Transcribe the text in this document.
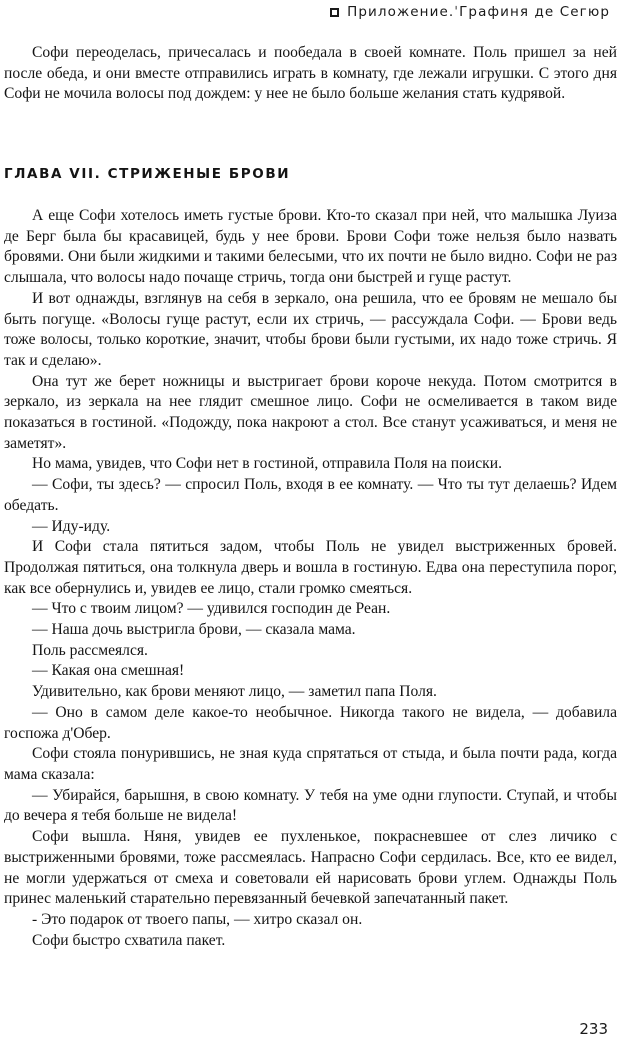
Приложение.ˈГрафиня де Сегюр

Софи переоделась, причесалась и пообедала в своей комнате. Поль пришел за ней после обеда, и они вместе отправились играть в комнату, где лежали игрушки. С этого дня Софи не мочила волосы под дождем: у нее не было больше желания стать кудрявой.

ГЛАВА VII. СТРИЖЕНЫЕ БРОВИ

А еще Софи хотелось иметь густые брови. Кто-то сказал при ней, что малышка Луиза де Берг была бы красавицей, будь у нее брови. Брови Софи тоже нельзя было назвать бровями. Они были жидкими и такими белесыми, что их почти не было видно. Софи не раз слышала, что волосы надо почаще стричь, тогда они быстрей и гуще растут.

И вот однажды, взглянув на себя в зеркало, она решила, что ее бровям не мешало бы быть погуще. «Волосы гуще растут, если их стричь, — рассуждала Софи. — Брови ведь тоже волосы, только короткие, значит, чтобы брови были густыми, их надо тоже стричь. Я так и сделаю».

Она тут же берет ножницы и выстригает брови короче некуда. Потом смотрится в зеркало, из зеркала на нее глядит смешное лицо. Софи не осмеливается в таком виде показаться в гостиной. «Подожду, пока накроют а стол. Все станут усаживаться, и меня не заметят».

Но мама, увидев, что Софи нет в гостиной, отправила Поля на поиски.

— Софи, ты здесь? — спросил Поль, входя в ее комнату. — Что ты тут делаешь? Идем обедать.

— Иду-иду.

И Софи стала пятиться задом, чтобы Поль не увидел выстриженных бровей. Продолжая пятиться, она толкнула дверь и вошла в гостиную. Едва она переступила порог, как все обернулись и, увидев ее лицо, стали громко смеяться.

— Что с твоим лицом? — удивился господин де Реан.

— Наша дочь выстригла брови, — сказала мама.

Поль рассмеялся.

— Какая она смешная!

Удивительно, как брови меняют лицо, — заметил папа Поля.

— Оно в самом деле какое-то необычное. Никогда такого не видела, — добавила госпожа д'Обер.

Софи стояла понурившись, не зная куда спрятаться от стыда, и была почти рада, когда мама сказала:

— Убирайся, барышня, в свою комнату. У тебя на уме одни глупости. Ступай, и чтобы до вечера я тебя больше не видела!

Софи вышла. Няня, увидев ее пухленькое, покрасневшее от слез личико с выстриженными бровями, тоже рассмеялась. Напрасно Софи сердилась. Все, кто ее видел, не могли удержаться от смеха и советовали ей нарисовать брови углем. Однажды Поль принес маленький старательно перевязанный бечевкой запечатанный пакет.

- Это подарок от твоего папы, — хитро сказал он.

Софи быстро схватила пакет.

233
